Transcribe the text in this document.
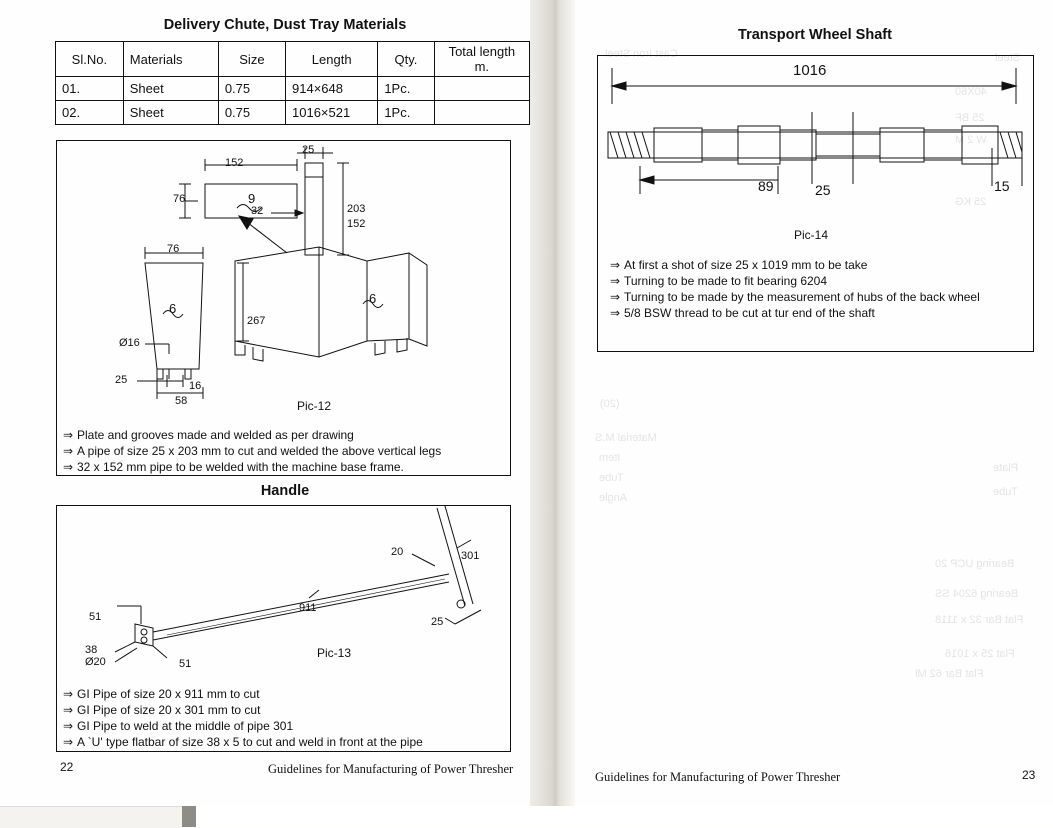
Delivery Chute, Dust Tray Materials
Sl.No.	Materials	Size	Length	Qty.	Total length m.
01.	Sheet	0.75	914×648	1Pc.	
02.	Sheet	0.75	1016×521	1Pc.	
152
9
76
76
25
32	203
152
6
6
267
Ø16
25	16
58	Pic-12
⇒ Plate and grooves made and welded as per drawing
⇒ A pipe of size 25 x 203 mm to cut and welded the above vertical legs
⇒ 32 x 152 mm pipe to be welded with the machine base frame.
Handle
20	301
911
25
51
51
38
Ø20
Pic-13
⇒ GI Pipe of size 20 x 911 mm to cut
⇒ GI Pipe of size 20 x 301 mm to cut
⇒ GI Pipe to weld at the middle of pipe 301
⇒ A `U' type flatbar of size 38 x 5 to cut and weld in front at the pipe
22	Guidelines for Manufacturing of Power Thresher
Cast Iron Steel	Steel
40X60
25 BF
W 2 M
25 KG
(20)
Material M.S
Item
Tube
Angle
Bearing UCP 20
Bearing 6204 SS
Flat Bar 32 x 1118
Flat 25 x 1016
Flat Bar 62 Ml
Tube
Plate
Transport Wheel Shaft
1016
89	25	15
Pic-14
⇒ At first a shot of size 25 x 1019 mm to be take
⇒ Turning to be made to fit bearing 6204
⇒ Turning to be made by the measurement of hubs of the back wheel
⇒ 5/8 BSW thread to be cut at tur end of the shaft
Guidelines for Manufacturing of Power Thresher	23
